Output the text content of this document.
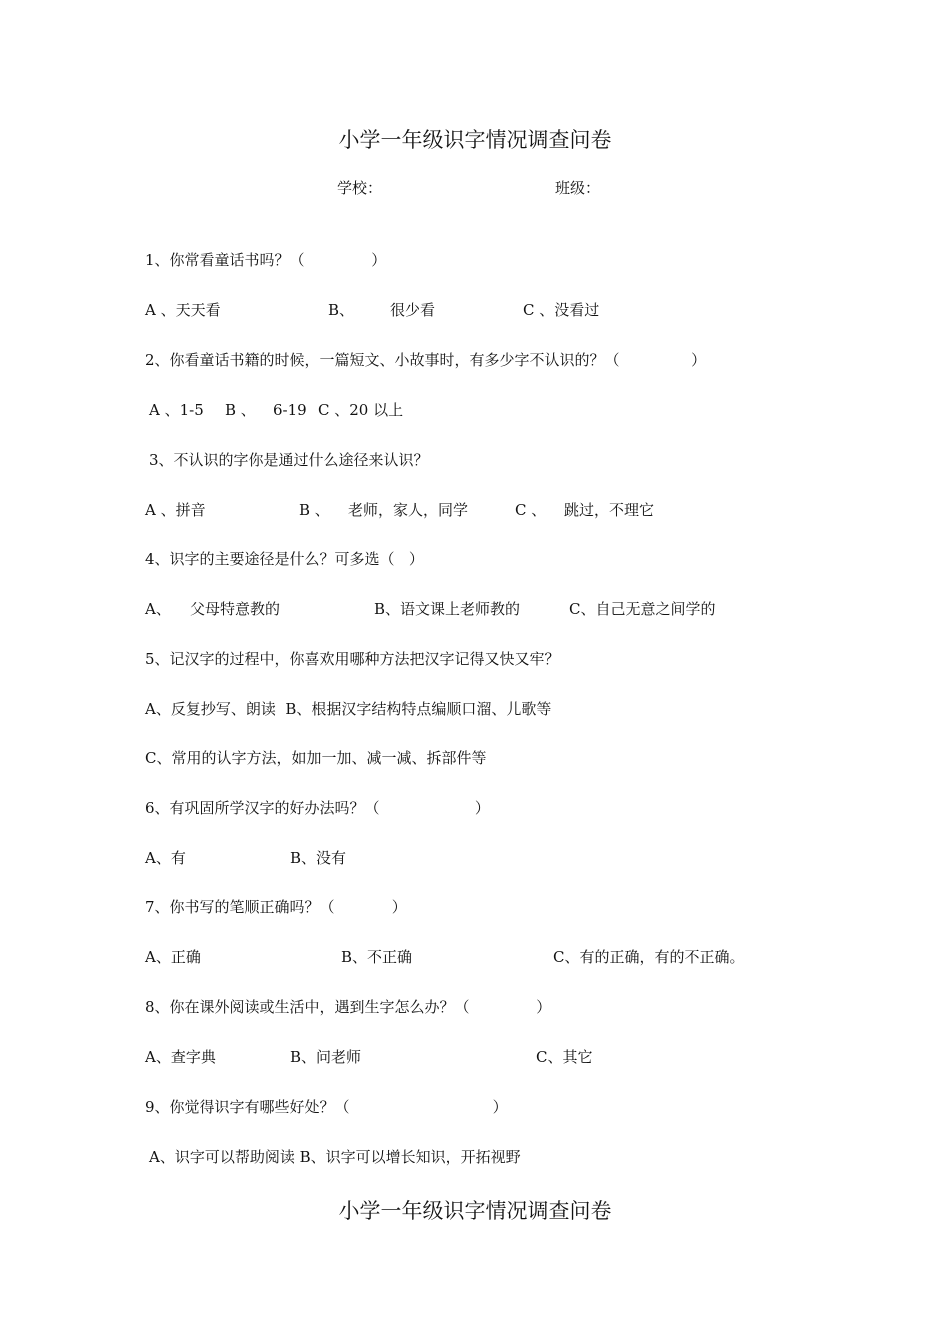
小学一年级识字情况调查问卷
学校：	班级：
1、你常看童话书吗？（              ）
A 、天天看	B、 很少看	C 、没看过
2、你看童话书籍的时候，一篇短文、小故事时，有多少字不认识的？（               ）
A 、1-5 B 、 6-19 C 、20 以上
3、不认识的字你是通过什么途径来认识？
A 、拼音	B 、 老师，家人，同学	C 、 跳过，不理它
4、识字的主要途径是什么？可多选（   ）
A、 父母特意教的	B、语文课上老师教的	C、自己无意之间学的
5、记汉字的过程中，你喜欢用哪种方法把汉字记得又快又牢？
A、反复抄写、朗读  B、根据汉字结构特点编顺口溜、儿歌等
C、常用的认字方法，如加一加、减一减、拆部件等
6、有巩固所学汉字的好办法吗？（                    ）
A、有	B、没有
7、你书写的笔顺正确吗？（            ）
A、正确	B、不正确	C、有的正确，有的不正确。
8、你在课外阅读或生活中，遇到生字怎么办？（              ）
A、查字典	B、问老师	C、其它
9、你觉得识字有哪些好处？（                              ）
A、识字可以帮助阅读 B、识字可以增长知识，开拓视野
小学一年级识字情况调查问卷
